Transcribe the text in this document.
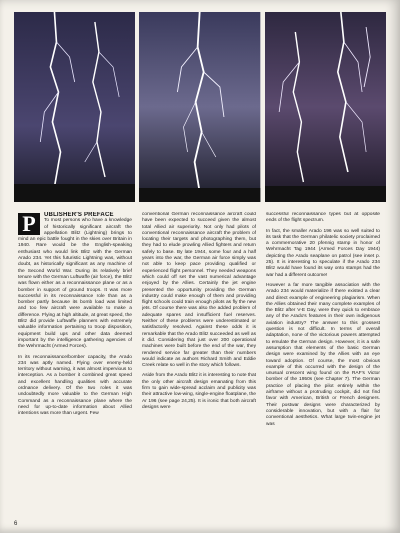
P	UBLISHER'S PREFACE

To most persons who have a knowledge of historically significant aircraft the appellation Blitz (Lightning) brings to mind an epic battle fought in the skies over Britain in 1940. Rare would be the English-speaking enthusiast who would link Blitz with the German Arado 234. Yet this futuristic Lightning was, without doubt, as historically significant as any machine of the Second World War. During its relatively brief tenure with the German Luftwaffe (air force), the Blitz was flown either as a reconnaissance plane or as a bomber in support of ground troops. It was more successful in its reconnaissance role than as a bomber partly because its bomb load was limited and too few aircraft were available to make a difference. Flying at high altitude, at great speed, the Blitz did provide Luftwaffe planners with extremely valuable information pertaining to troop disposition, equipment build ups and other data deemed important by the intelligence gathering agencies of the Wehrmacht (Armed Forces).

In its reconnaissance/bomber capacity, the Arado 234 was aptly named. Flying over enemy-held territory without warning, it was almost impervious to interception. As a bomber it combined great speed and excellent handling qualities with accurate ordnance delivery. Of the two roles it was undoubtedly more valuable to the German High Command as a reconnaissance plane where the need for up-to-date information about Allied intentions was more than urgent. Few

conventional German reconnaissance aircraft could have been expected to succeed given the almost total Allied air superiority. Not only had pilots of conventional reconnaissance aircraft the problem of locating their targets and photographing them, but they had to elude prowling Allied fighters and return safely to base. By late 1944, some four and a half years into the war, the German air force simply was not able to keep pace providing qualified or experienced flight personnel. They needed weapons which could off set the vast numerical advantage enjoyed by the Allies. Certainly the jet engine presented the opportunity providing the German industry could make enough of them and providing flight schools could train enough pilots as fly the new jets. Of course there was also the added problem of adequate spares and insufficient fuel reserves. Neither of these problems were underestimated or satisfactorily resolved. Against these odds it is remarkable that the Arado Blitz succeeded as well as it did. Considering that just over 200 operational machines were built before the end of the war, they rendered service far greater than their numbers would indicate as authors Richard Smith and Eddie Creek relate so well in the story which follows.

Aside from the Arado Blitz it is interesting to note that the only other aircraft design emanating from this firm to gain wide-spread acclaim and publicity was their attractive low-wing, single-engine floatplane, the Ar 196 (see page 24,25). It is ironic that both aircraft designs were

successful reconnaissance types but at opposite ends of the flight spectrum.

In fact, the smaller Arado 196 was so well suited to its task that the German philatelic society proclaimed a commemorative 20 pfennig stamp in honor of Wehrmacht Tag 1944 (Armed Forces Day 1944) depicting the Arado seaplane on patrol (see inset p. 25). It is interesting to speculate if the Arado 234 Blitz would have found its way onto stamps had the war had a different outcome!

However a far more tangible association with the Arado 234 would materialize if there existed a clear and direct example of engineering plagiarism. When the Allies obtained their many complete examples of the Blitz after V-E Day, were they quick to embrace any of the Arado's features in their own indigenous aviation industry? The answer to this grossest question is not difficult. In terms of overall adaptation, none of the victorious powers attempted to emulate the German design. However, it is a safe assumption that elements of the basic German design were examined by the Allies with an eye toward adoption. Of course, the most obvious example of this occurred with the design of the unusual crescent wing found on the RAF's Victor bomber of the 1950s (see Chapter 7). The German practice of placing the pilot entirely within the airframe without a protruding cockpit, did not find favor with American, British or French designers. Their postwar designs were characterized by considerable innovation, but with a flair for conventional aesthetics. What large twin-engine jet was

6
